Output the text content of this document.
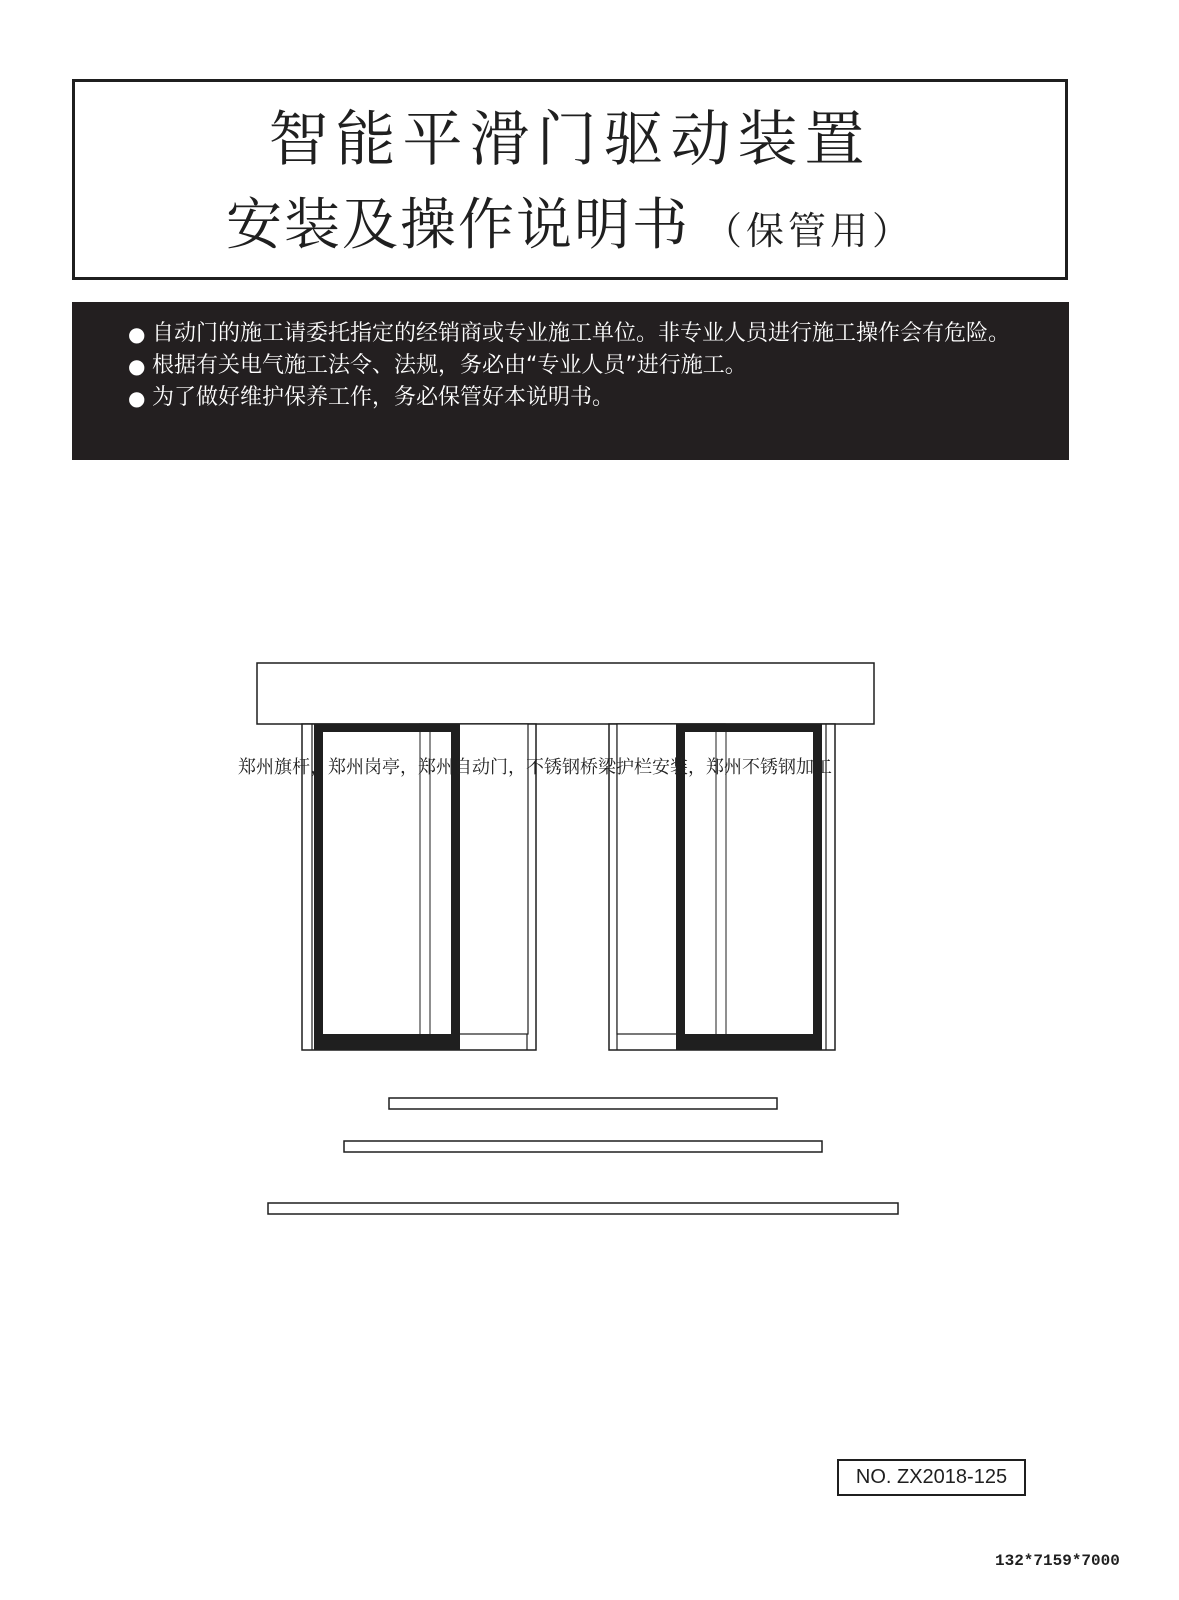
智能平滑门驱动装置
安装及操作说明书 （保管用）
● 自动门的施工请委托指定的经销商或专业施工单位。非专业人员进行施工操作会有危险。
● 根据有关电气施工法令、法规，务必由“专业人员”进行施工。
● 为了做好维护保养工作，务必保管好本说明书。
郑州旗杆，郑州岗亭，郑州自动门，不锈钢桥梁护栏安装，郑州不锈钢加工
NO. ZX2018-125
132*7159*7000
